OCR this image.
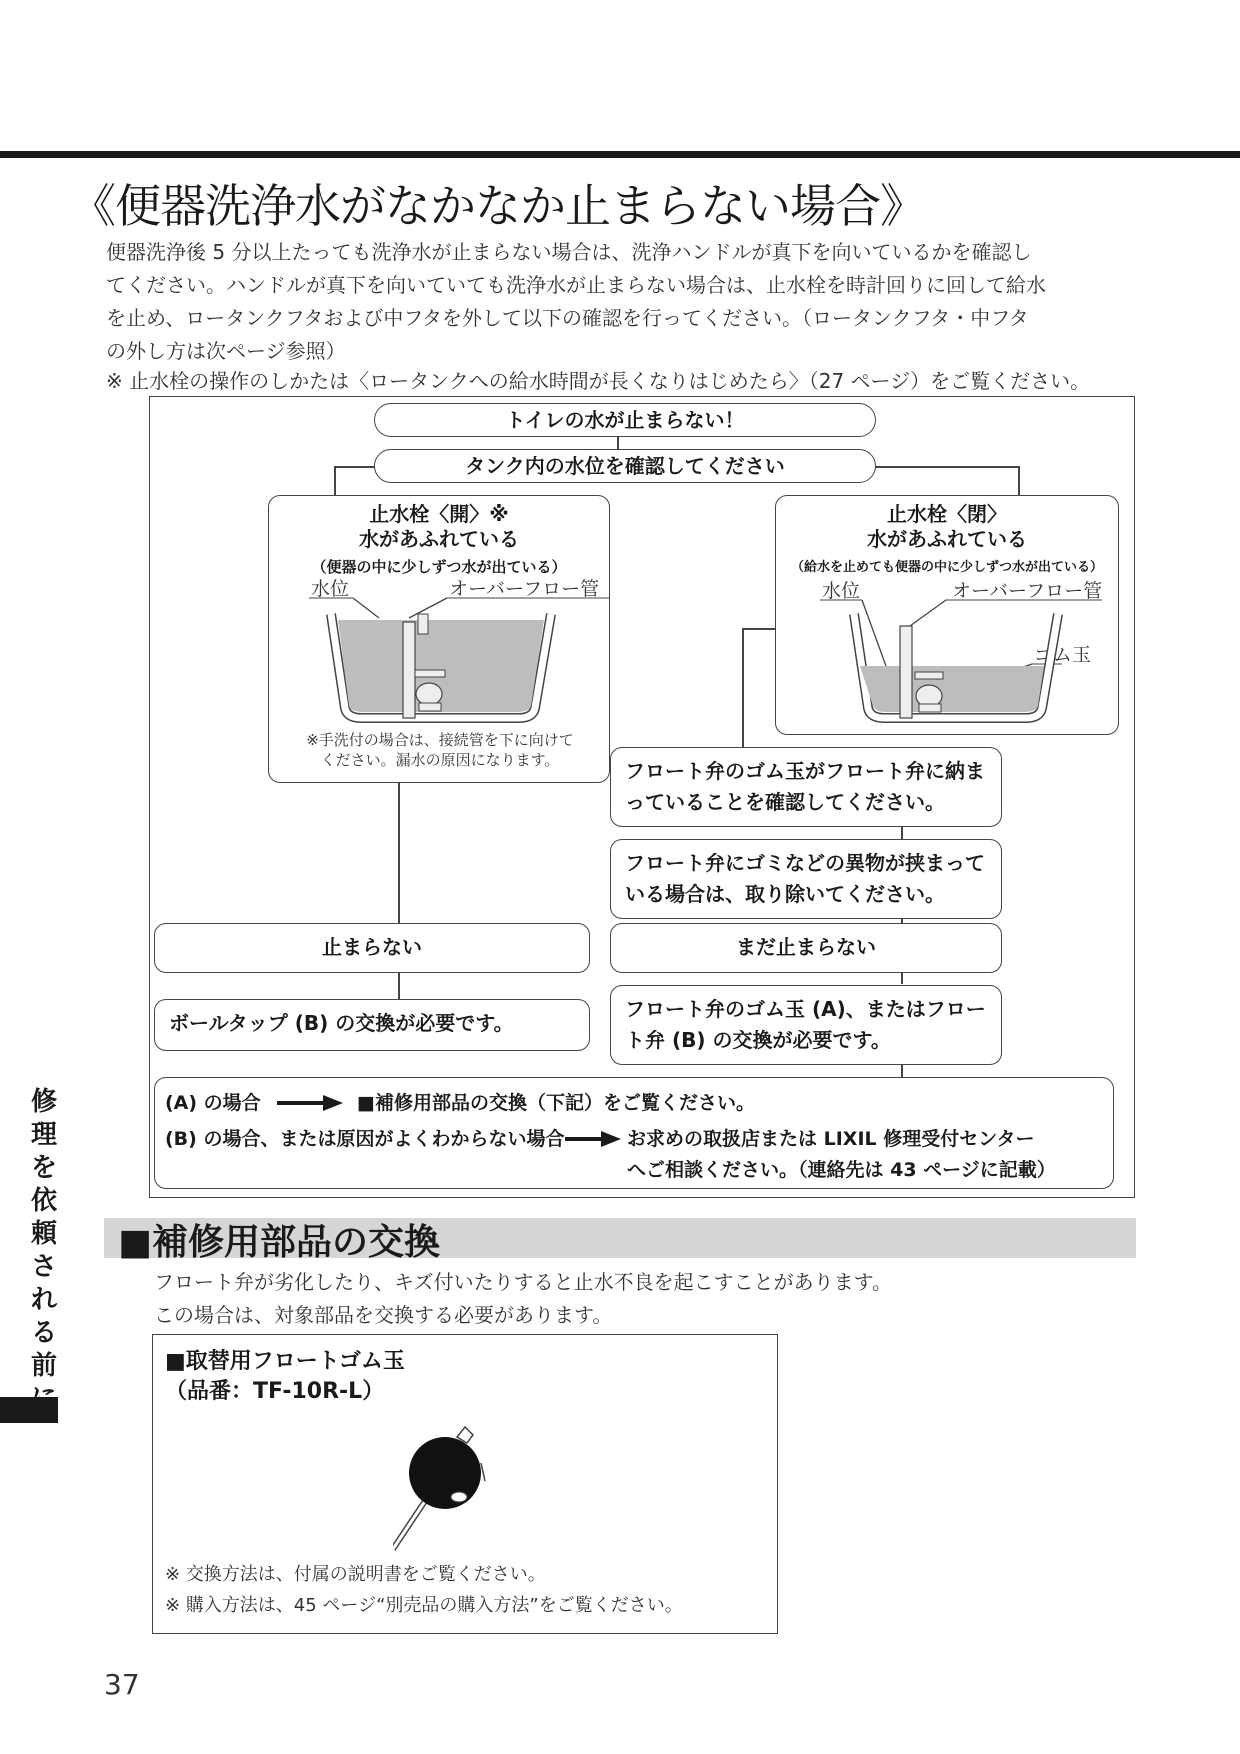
《便器洗浄水がなかなか止まらない場合》

便器洗浄後 5 分以上たっても洗浄水が止まらない場合は、洗浄ハンドルが真下を向いているかを確認し

てください。ハンドルが真下を向いていても洗浄水が止まらない場合は、止水栓を時計回りに回して給水

を止め、ロータンクフタおよび中フタを外して以下の確認を行ってください。（ロータンクフタ・中フタ

の外し方は次ページ参照）

※ 止水栓の操作のしかたは〈ロータンクへの給水時間が長くなりはじめたら〉（27 ページ）をご覧ください。
トイレの水が止まらない！
タンク内の水位を確認してください
止水栓〈開〉※
水があふれている
（便器の中に少しずつ水が出ている）
水位	オーバーフロー管
※手洗付の場合は、接続管を下に向けて
ください。漏水の原因になります。
止水栓〈閉〉
水があふれている
（給水を止めても便器の中に少しずつ水が出ている）
水位	オーバーフロー管
ゴム玉
フロート弁のゴム玉がフロート弁に納まっていることを確認してください。
フロート弁にゴミなどの異物が挟まっている場合は、取り除いてください。
止まらない	まだ止まらない
ボールタップ (B) の交換が必要です。
フロート弁のゴム玉 (A)、またはフロート弁 (B) の交換が必要です。
(A) の場合	■補修用部品の交換（下記）をご覧ください。
(B) の場合、または原因がよくわからない場合	お求めの取扱店または LIXIL 修理受付センター
へご相談ください。（連絡先は 43 ページに記載）
■補修用部品の交換

フロート弁が劣化したり、キズ付いたりすると止水不良を起こすことがあります。

この場合は、対象部品を交換する必要があります。

■取替用フロートゴム玉
（品番：TF-10R-L）

※ 交換方法は、付属の説明書をご覧ください。

※ 購入方法は、45 ページ“別売品の購入方法”をご覧ください。

修理を依頼される前
37
